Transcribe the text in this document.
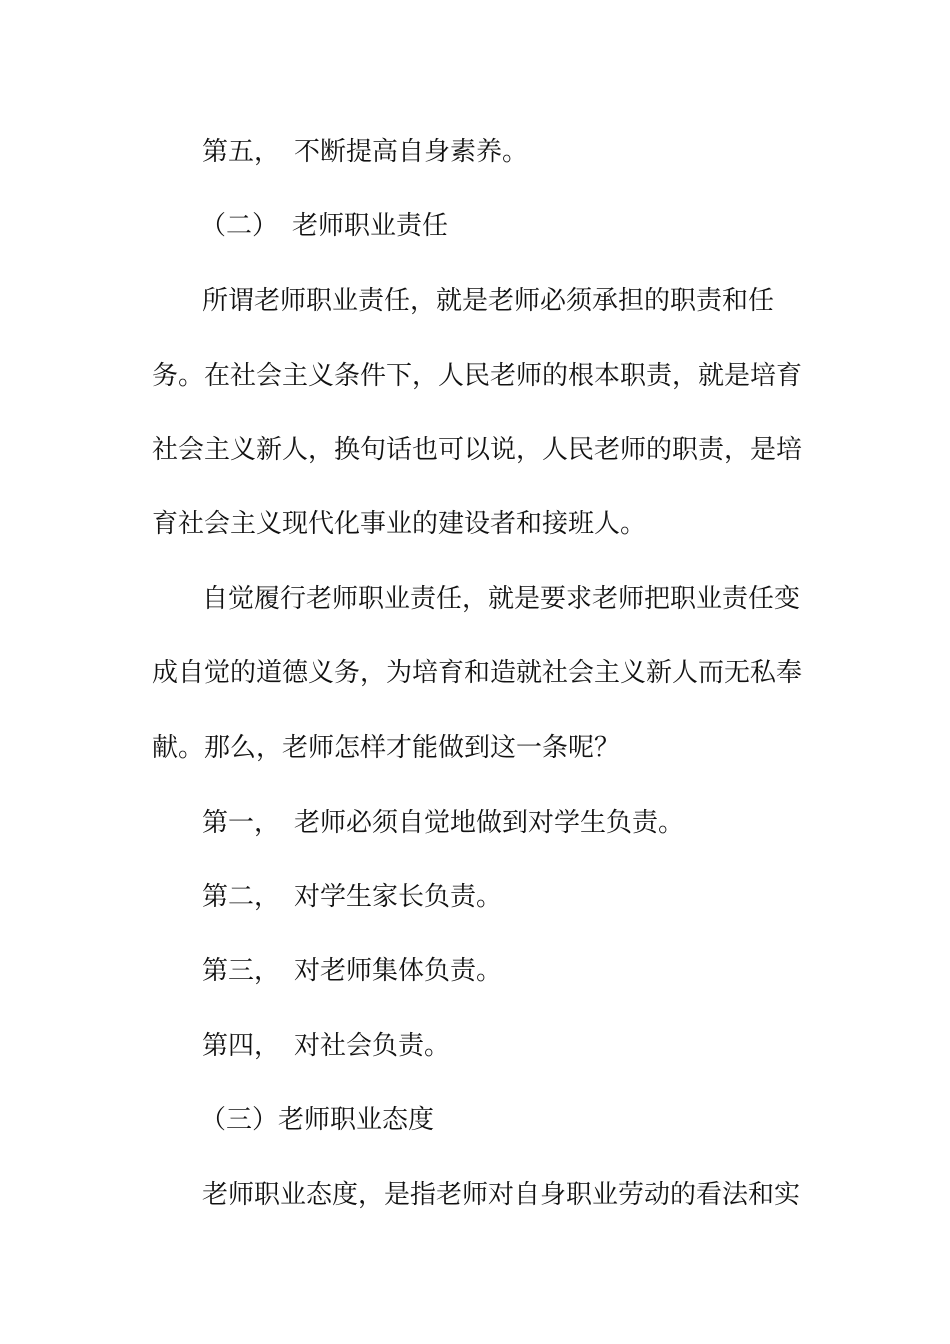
第五， 不断提高自身素养。
（二） 老师职业责任
所谓老师职业责任，就是老师必须承担的职责和任
务。在社会主义条件下，人民老师的根本职责，就是培育
社会主义新人，换句话也可以说，人民老师的职责，是培
育社会主义现代化事业的建设者和接班人。
自觉履行老师职业责任，就是要求老师把职业责任变
成自觉的道德义务，为培育和造就社会主义新人而无私奉
献。那么，老师怎样才能做到这一条呢？
第一， 老师必须自觉地做到对学生负责。
第二， 对学生家长负责。
第三， 对老师集体负责。
第四， 对社会负责。
（三）老师职业态度
老师职业态度，是指老师对自身职业劳动的看法和实
